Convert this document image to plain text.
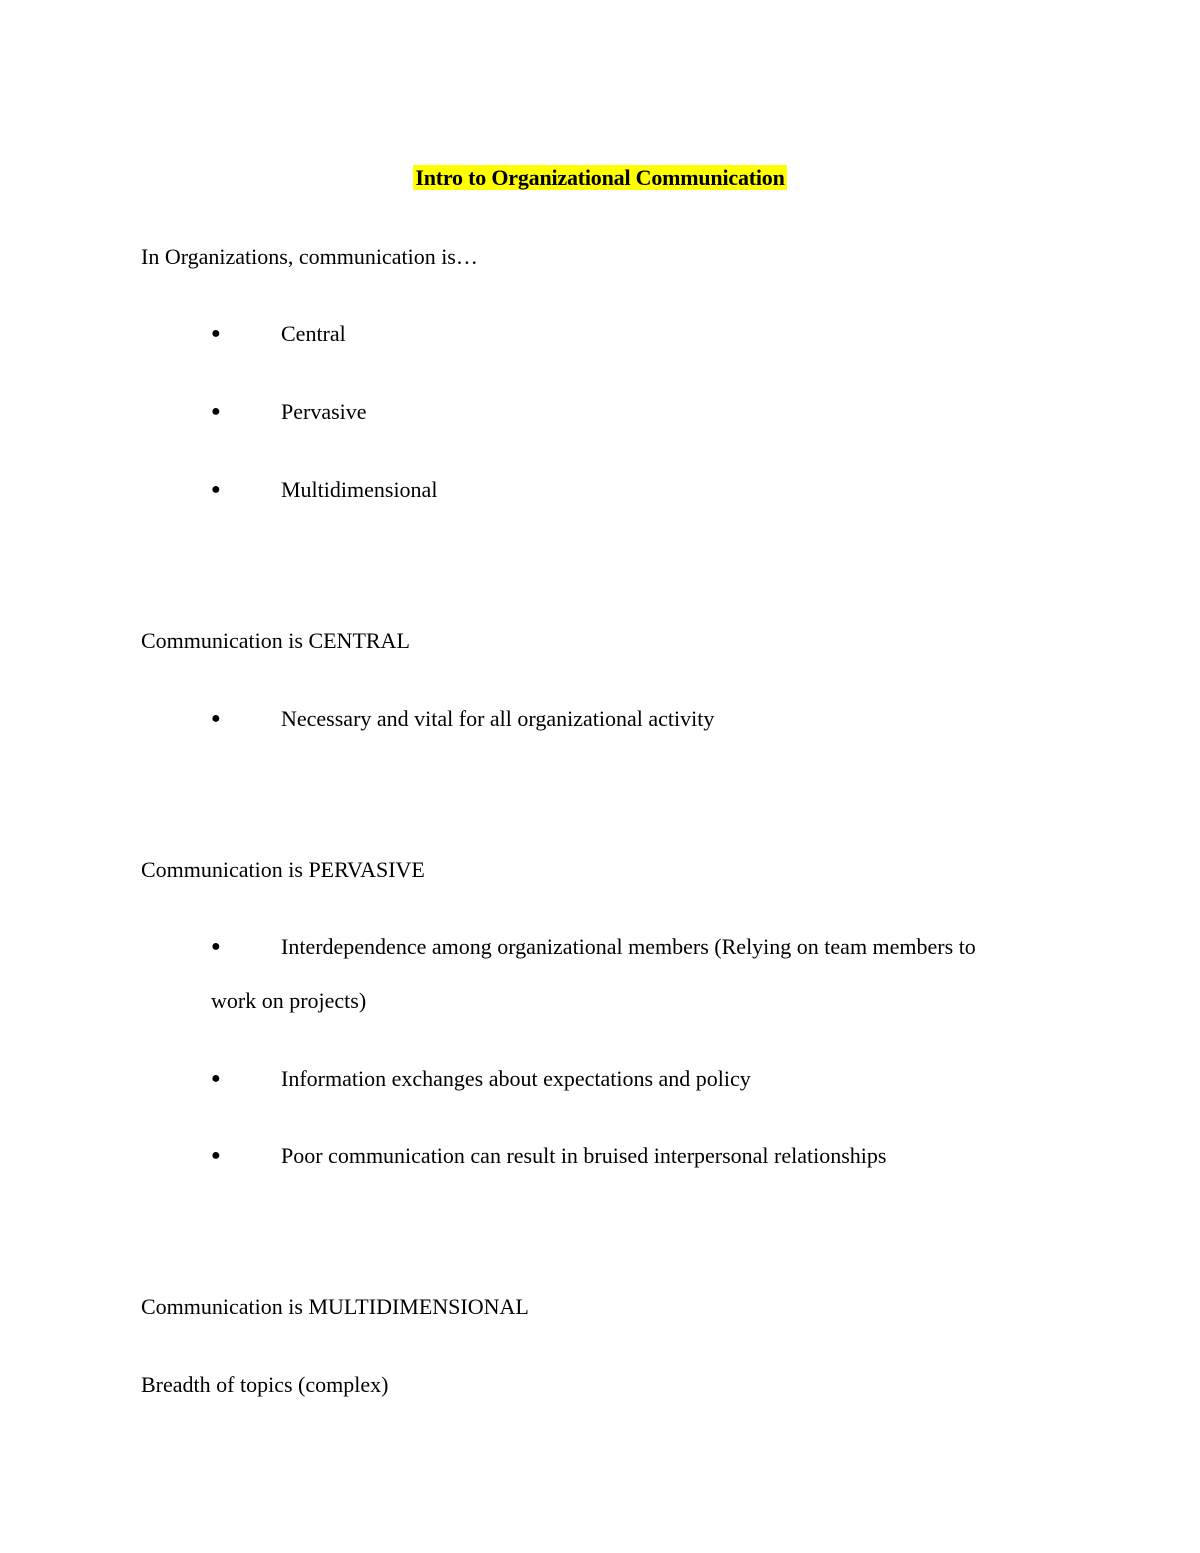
Intro to Organizational Communication
In Organizations, communication is…
●	Central
●	Pervasive
●	Multidimensional
Communication is CENTRAL
●	Necessary and vital for all organizational activity
Communication is PERVASIVE
●	Interdependence among organizational members (Relying on team members to
work on projects)
●	Information exchanges about expectations and policy
●	Poor communication can result in bruised interpersonal relationships
Communication is MULTIDIMENSIONAL
Breadth of topics (complex)
